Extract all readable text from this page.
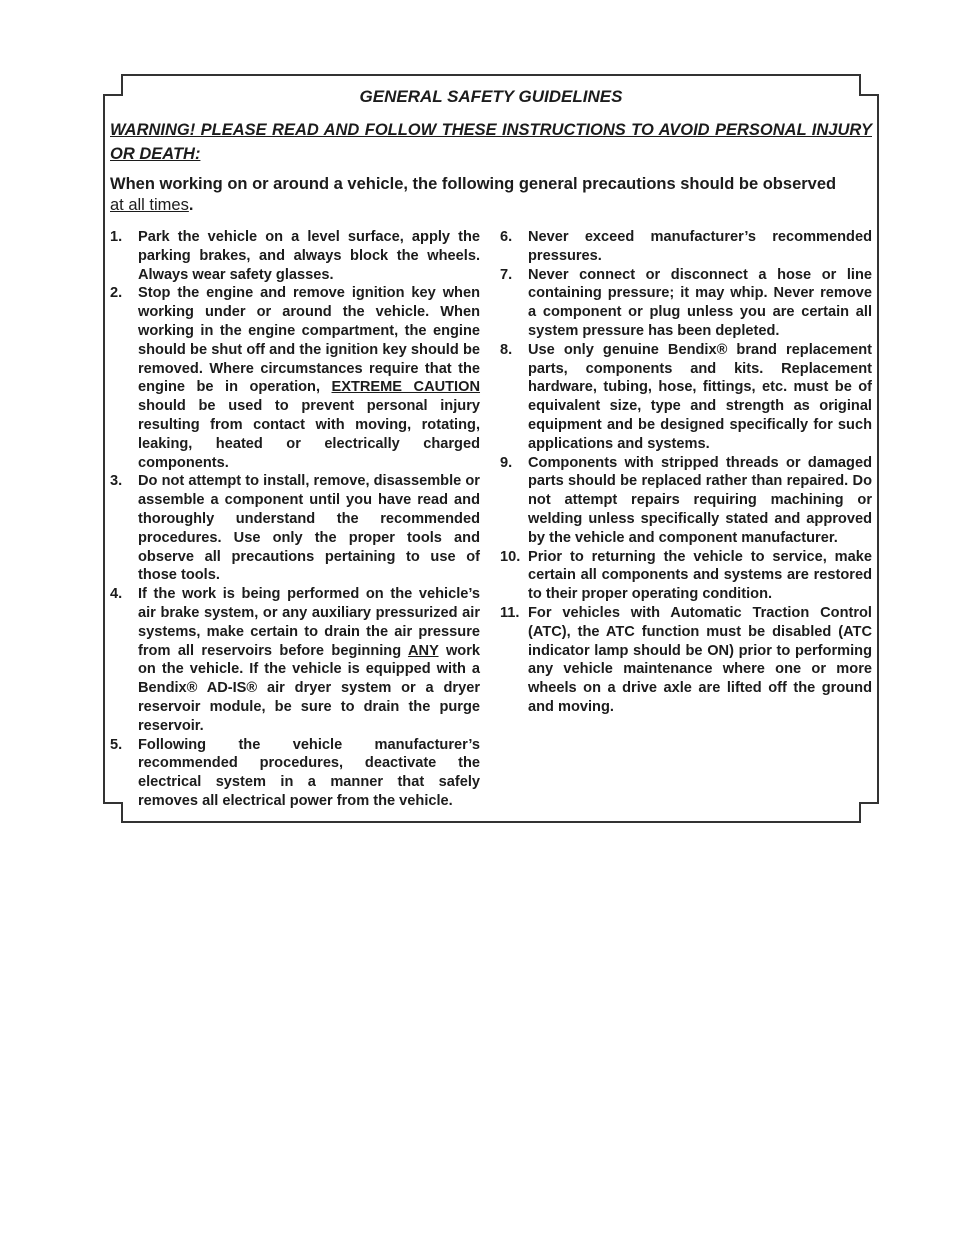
GENERAL SAFETY GUIDELINES
WARNING! PLEASE READ AND FOLLOW THESE INSTRUCTIONS TO AVOID PERSONAL INJURY OR DEATH:
When working on or around a vehicle, the following general precautions should be observed
at all times.
1.	Park the vehicle on a level surface, apply the parking brakes, and always block the wheels. Always wear safety glasses.
2.	Stop the engine and remove ignition key when working under or around the vehicle. When working in the engine compartment, the engine should be shut off and the ignition key should be removed. Where circumstances require that the engine be in operation, EXTREME CAUTION should be used to prevent personal injury resulting from contact with moving, rotating, leaking, heated or electrically charged components.
3.	Do not attempt to install, remove, disassemble or assemble a component until you have read and thoroughly understand the recommended procedures. Use only the proper tools and observe all precautions pertaining to use of those tools.
4.	If the work is being performed on the vehicle’s air brake system, or any auxiliary pressurized air systems, make certain to drain the air pressure from all reservoirs before beginning ANY work on the vehicle. If the vehicle is equipped with a Bendix® AD-IS® air dryer system or a dryer reservoir module, be sure to drain the purge reservoir.
5.	Following the vehicle manufacturer’s recommended procedures, deactivate the electrical system in a manner that safely removes all electrical power from the vehicle.
6.	Never exceed manufacturer’s recommended pressures.
7.	Never connect or disconnect a hose or line containing pressure; it may whip. Never remove a component or plug unless you are certain all system pressure has been depleted.
8.	Use only genuine Bendix® brand replacement parts, components and kits. Replacement hardware, tubing, hose, fittings, etc. must be of equivalent size, type and strength as original equipment and be designed specifically for such applications and systems.
9.	Components with stripped threads or damaged parts should be replaced rather than repaired. Do not attempt repairs requiring machining or welding unless specifically stated and approved by the vehicle and component manufacturer.
10. Prior to returning the vehicle to service, make certain all components and systems are restored to their proper operating condition.
11. For vehicles with Automatic Traction Control (ATC), the ATC function must be disabled (ATC indicator lamp should be ON) prior to performing any vehicle maintenance where one or more wheels on a drive axle are lifted off the ground and moving.
